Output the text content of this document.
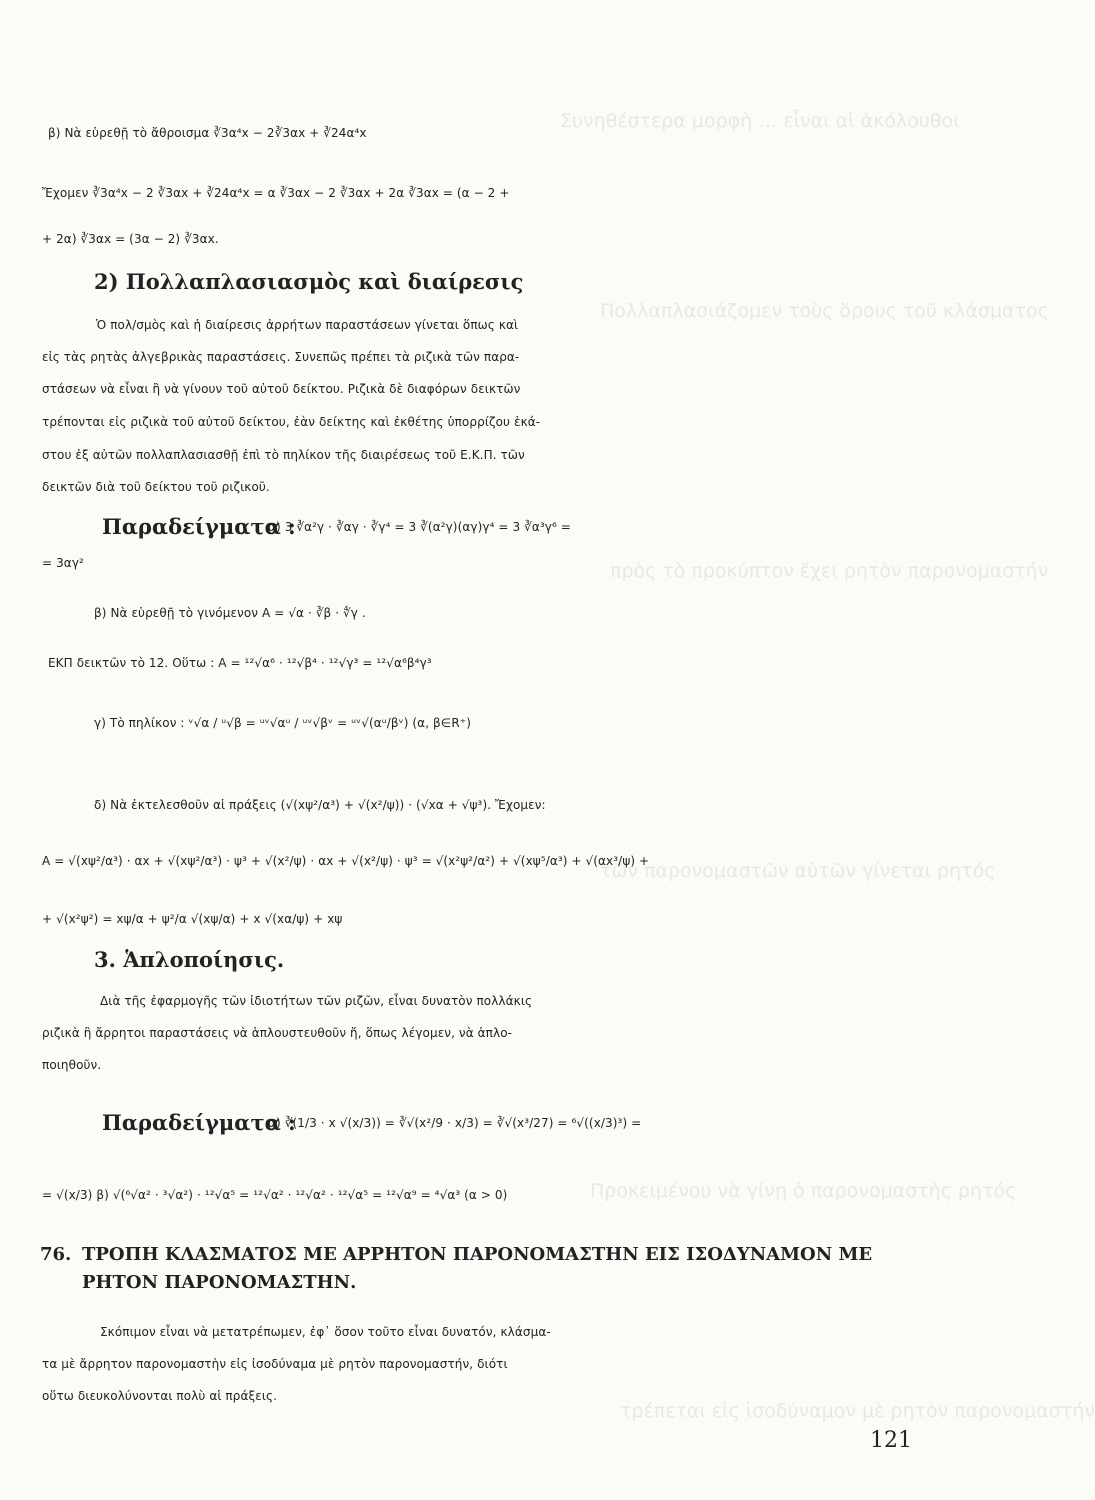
Συνηθέστερα μορφὴ … εἶναι αἱ ἀκόλουθοι
Πολλαπλασιάζομεν τοὺς ὅρους τοῦ κλάσματος
πρὸς τὸ προκύπτον ἔχει ρητὸν παρονομαστήν
τῶν παρονομαστῶν αὐτῶν γίνεται ρητός
Προκειμένου νὰ γίνῃ ὁ παρονομαστὴς ρητός
τρέπεται εἰς ἰσοδύναμον μὲ ρητὸν παρονομαστήν
β) Νὰ εὑρεθῇ τὸ ἄθροισμα ∛3α⁴x − 2∛3αx + ∛24α⁴x
Ἔχομεν ∛3α⁴x − 2 ∛3αx + ∛24α⁴x = α ∛3αx − 2 ∛3αx + 2α ∛3αx = (α − 2 +
+ 2α) ∛3αx = (3α − 2) ∛3αx.
2) Πολλαπλασιασμὸς καὶ διαίρεσις
Ὁ πολ/σμὸς καὶ ἡ διαίρεσις ἀρρήτων παραστάσεων γίνεται ὅπως καὶ
εἰς τὰς ρητὰς ἀλγεβρικὰς παραστάσεις. Συνεπῶς πρέπει τὰ ριζικὰ τῶν παρα-
στάσεων νὰ εἶναι ἢ νὰ γίνουν τοῦ αὐτοῦ δείκτου. Ριζικὰ δὲ διαφόρων δεικτῶν
τρέπονται εἰς ριζικὰ τοῦ αὐτοῦ δείκτου, ἐὰν δείκτης καὶ ἐκθέτης ὑπορρίζου ἑκά-
στου ἐξ αὐτῶν πολλαπλασιασθῇ ἐπὶ τὸ πηλίκον τῆς διαιρέσεως τοῦ Ε.Κ.Π. τῶν
δεικτῶν διὰ τοῦ δείκτου τοῦ ριζικοῦ.
Παραδείγματα :
α) 3 ∛α²γ · ∛αγ · ∛γ⁴ = 3 ∛(α²γ)(αγ)γ⁴ = 3 ∛α³γ⁶ =
= 3αγ²
β) Νὰ εὑρεθῇ τὸ γινόμενον Α = √α · ∛β · ∜γ .
ΕΚΠ δεικτῶν τὸ 12. Οὕτω : Α = ¹²√α⁶ · ¹²√β⁴ · ¹²√γ³ = ¹²√α⁶β⁴γ³
γ) Τὸ πηλίκον : ᵛ√α / ᵘ√β = ᵘᵛ√αᵘ / ᵘᵛ√βᵛ = ᵘᵛ√(αᵘ/βᵛ) (α, β∈R⁺)
δ) Νὰ ἐκτελεσθοῦν αἱ πράξεις (√(xψ²/α³) + √(x²/ψ)) · (√xα + √ψ³). Ἔχομεν:
Α = √(xψ²/α³) · αx + √(xψ²/α³) · ψ³ + √(x²/ψ) · αx + √(x²/ψ) · ψ³ = √(x²ψ²/α²) + √(xψ⁵/α³) + √(αx³/ψ) +
+ √(x²ψ²) = xψ/α + ψ²/α √(xψ/α) + x √(xα/ψ) + xψ
3. Ἁπλοποίησις.
Διὰ τῆς ἐφαρμογῆς τῶν ἰδιοτήτων τῶν ριζῶν, εἶναι δυνατὸν πολλάκις
ριζικὰ ἢ ἄρρητοι παραστάσεις νὰ ἁπλουστευθοῦν ἤ, ὅπως λέγομεν, νὰ ἁπλο-
ποιηθοῦν.
Παραδείγματα :
α) ∛(1/3 · x √(x/3)) = ∛√(x²/9 · x/3) = ∛√(x³/27) = ⁶√((x/3)³) =
= √(x/3) β) √(⁶√α² · ³√α²) · ¹²√α⁵ = ¹²√α² · ¹²√α² · ¹²√α⁵ = ¹²√α⁹ = ⁴√α³ (α > 0)
76. ΤΡΟΠΗ ΚΛΑΣΜΑΤΟΣ ΜΕ ΑΡΡΗΤΟΝ ΠΑΡΟΝΟΜΑΣΤΗΝ ΕΙΣ ΙΣΟΔΥΝΑΜΟΝ ΜΕ
ΡΗΤΟΝ ΠΑΡΟΝΟΜΑΣΤΗΝ.
Σκόπιμον εἶναι νὰ μετατρέπωμεν, ἐφ᾽ ὅσον τοῦτο εἶναι δυνατόν, κλάσμα-
τα μὲ ἄρρητον παρονομαστὴν εἰς ἰσοδύναμα μὲ ρητὸν παρονομαστήν, διότι
οὕτω διευκολύνονται πολὺ αἱ πράξεις.
121
